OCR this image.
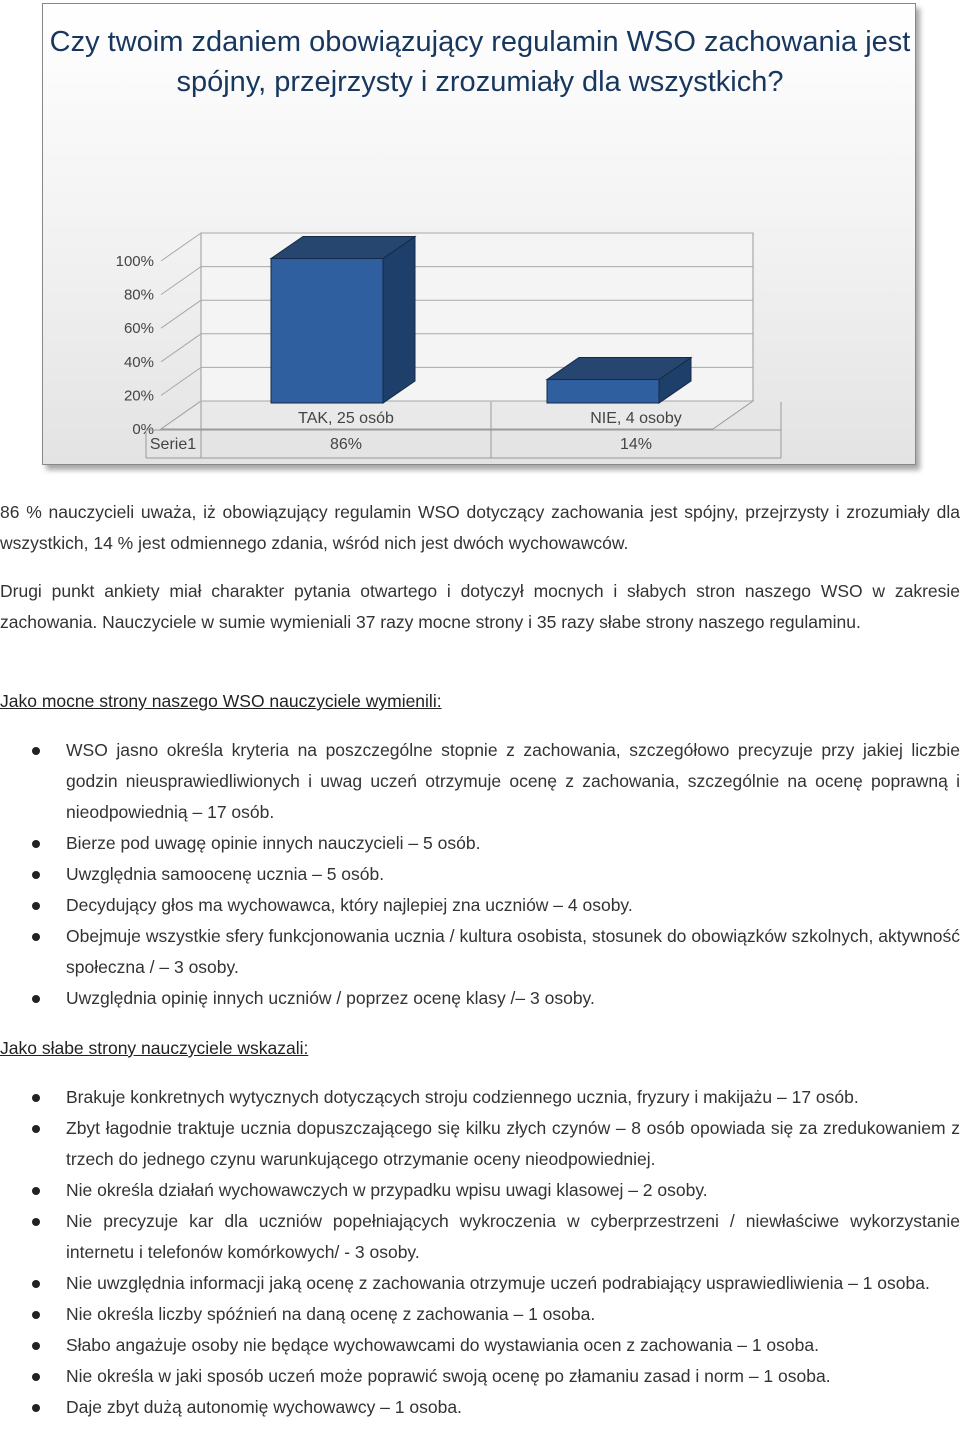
Czy twoim zdaniem obowiązujący regulamin WSO zachowania jest spójny, przejrzysty i zrozumiały dla wszystkich?
0%
20%
40%
60%
80%
100%
Serie1
TAK, 25 osób
86%
NIE, 4 osoby
14%

86 % nauczycieli uważa, iż obowiązujący regulamin WSO dotyczący zachowania jest spójny, przejrzysty i zrozumiały dla wszystkich, 14 % jest odmiennego zdania, wśród nich jest dwóch wychowawców.

Drugi punkt ankiety miał charakter pytania otwartego i dotyczył mocnych i słabych stron naszego WSO w zakresie zachowania. Nauczyciele w sumie wymieniali 37 razy mocne strony i 35 razy słabe strony naszego regulaminu.

Jako mocne strony naszego WSO nauczyciele wymienili:

WSO jasno określa kryteria na poszczególne stopnie z zachowania, szczegółowo precyzuje przy jakiej liczbie godzin nieusprawiedliwionych i uwag uczeń otrzymuje ocenę z zachowania, szczególnie na ocenę poprawną i nieodpowiednią – 17 osób.
Bierze pod uwagę opinie innych nauczycieli – 5 osób.
Uwzględnia samoocenę ucznia – 5 osób.
Decydujący głos ma wychowawca, który najlepiej zna uczniów – 4 osoby.
Obejmuje wszystkie sfery funkcjonowania ucznia / kultura osobista, stosunek do obowiązków szkolnych, aktywność społeczna / – 3 osoby.
Uwzględnia opinię innych uczniów / poprzez ocenę klasy /– 3 osoby.

Jako słabe strony nauczyciele wskazali:

Brakuje konkretnych wytycznych dotyczących stroju codziennego ucznia, fryzury i makijażu – 17 osób.
Zbyt łagodnie traktuje ucznia dopuszczającego się kilku złych czynów – 8 osób opowiada się za zredukowaniem z trzech do jednego czynu warunkującego otrzymanie oceny nieodpowiedniej.
Nie określa działań wychowawczych w przypadku wpisu uwagi klasowej – 2 osoby.
Nie precyzuje kar dla uczniów popełniających wykroczenia w cyberprzestrzeni / niewłaściwe wykorzystanie internetu i telefonów komórkowych/ - 3 osoby.
Nie uwzględnia informacji jaką ocenę z zachowania otrzymuje uczeń podrabiający usprawiedliwienia – 1 osoba.
Nie określa liczby spóźnień na daną ocenę z zachowania – 1 osoba.
Słabo angażuje osoby nie będące wychowawcami do wystawiania ocen z zachowania – 1 osoba.
Nie określa w jaki sposób uczeń może poprawić swoją ocenę po złamaniu zasad i norm – 1 osoba.
Daje zbyt dużą autonomię wychowawcy – 1 osoba.
